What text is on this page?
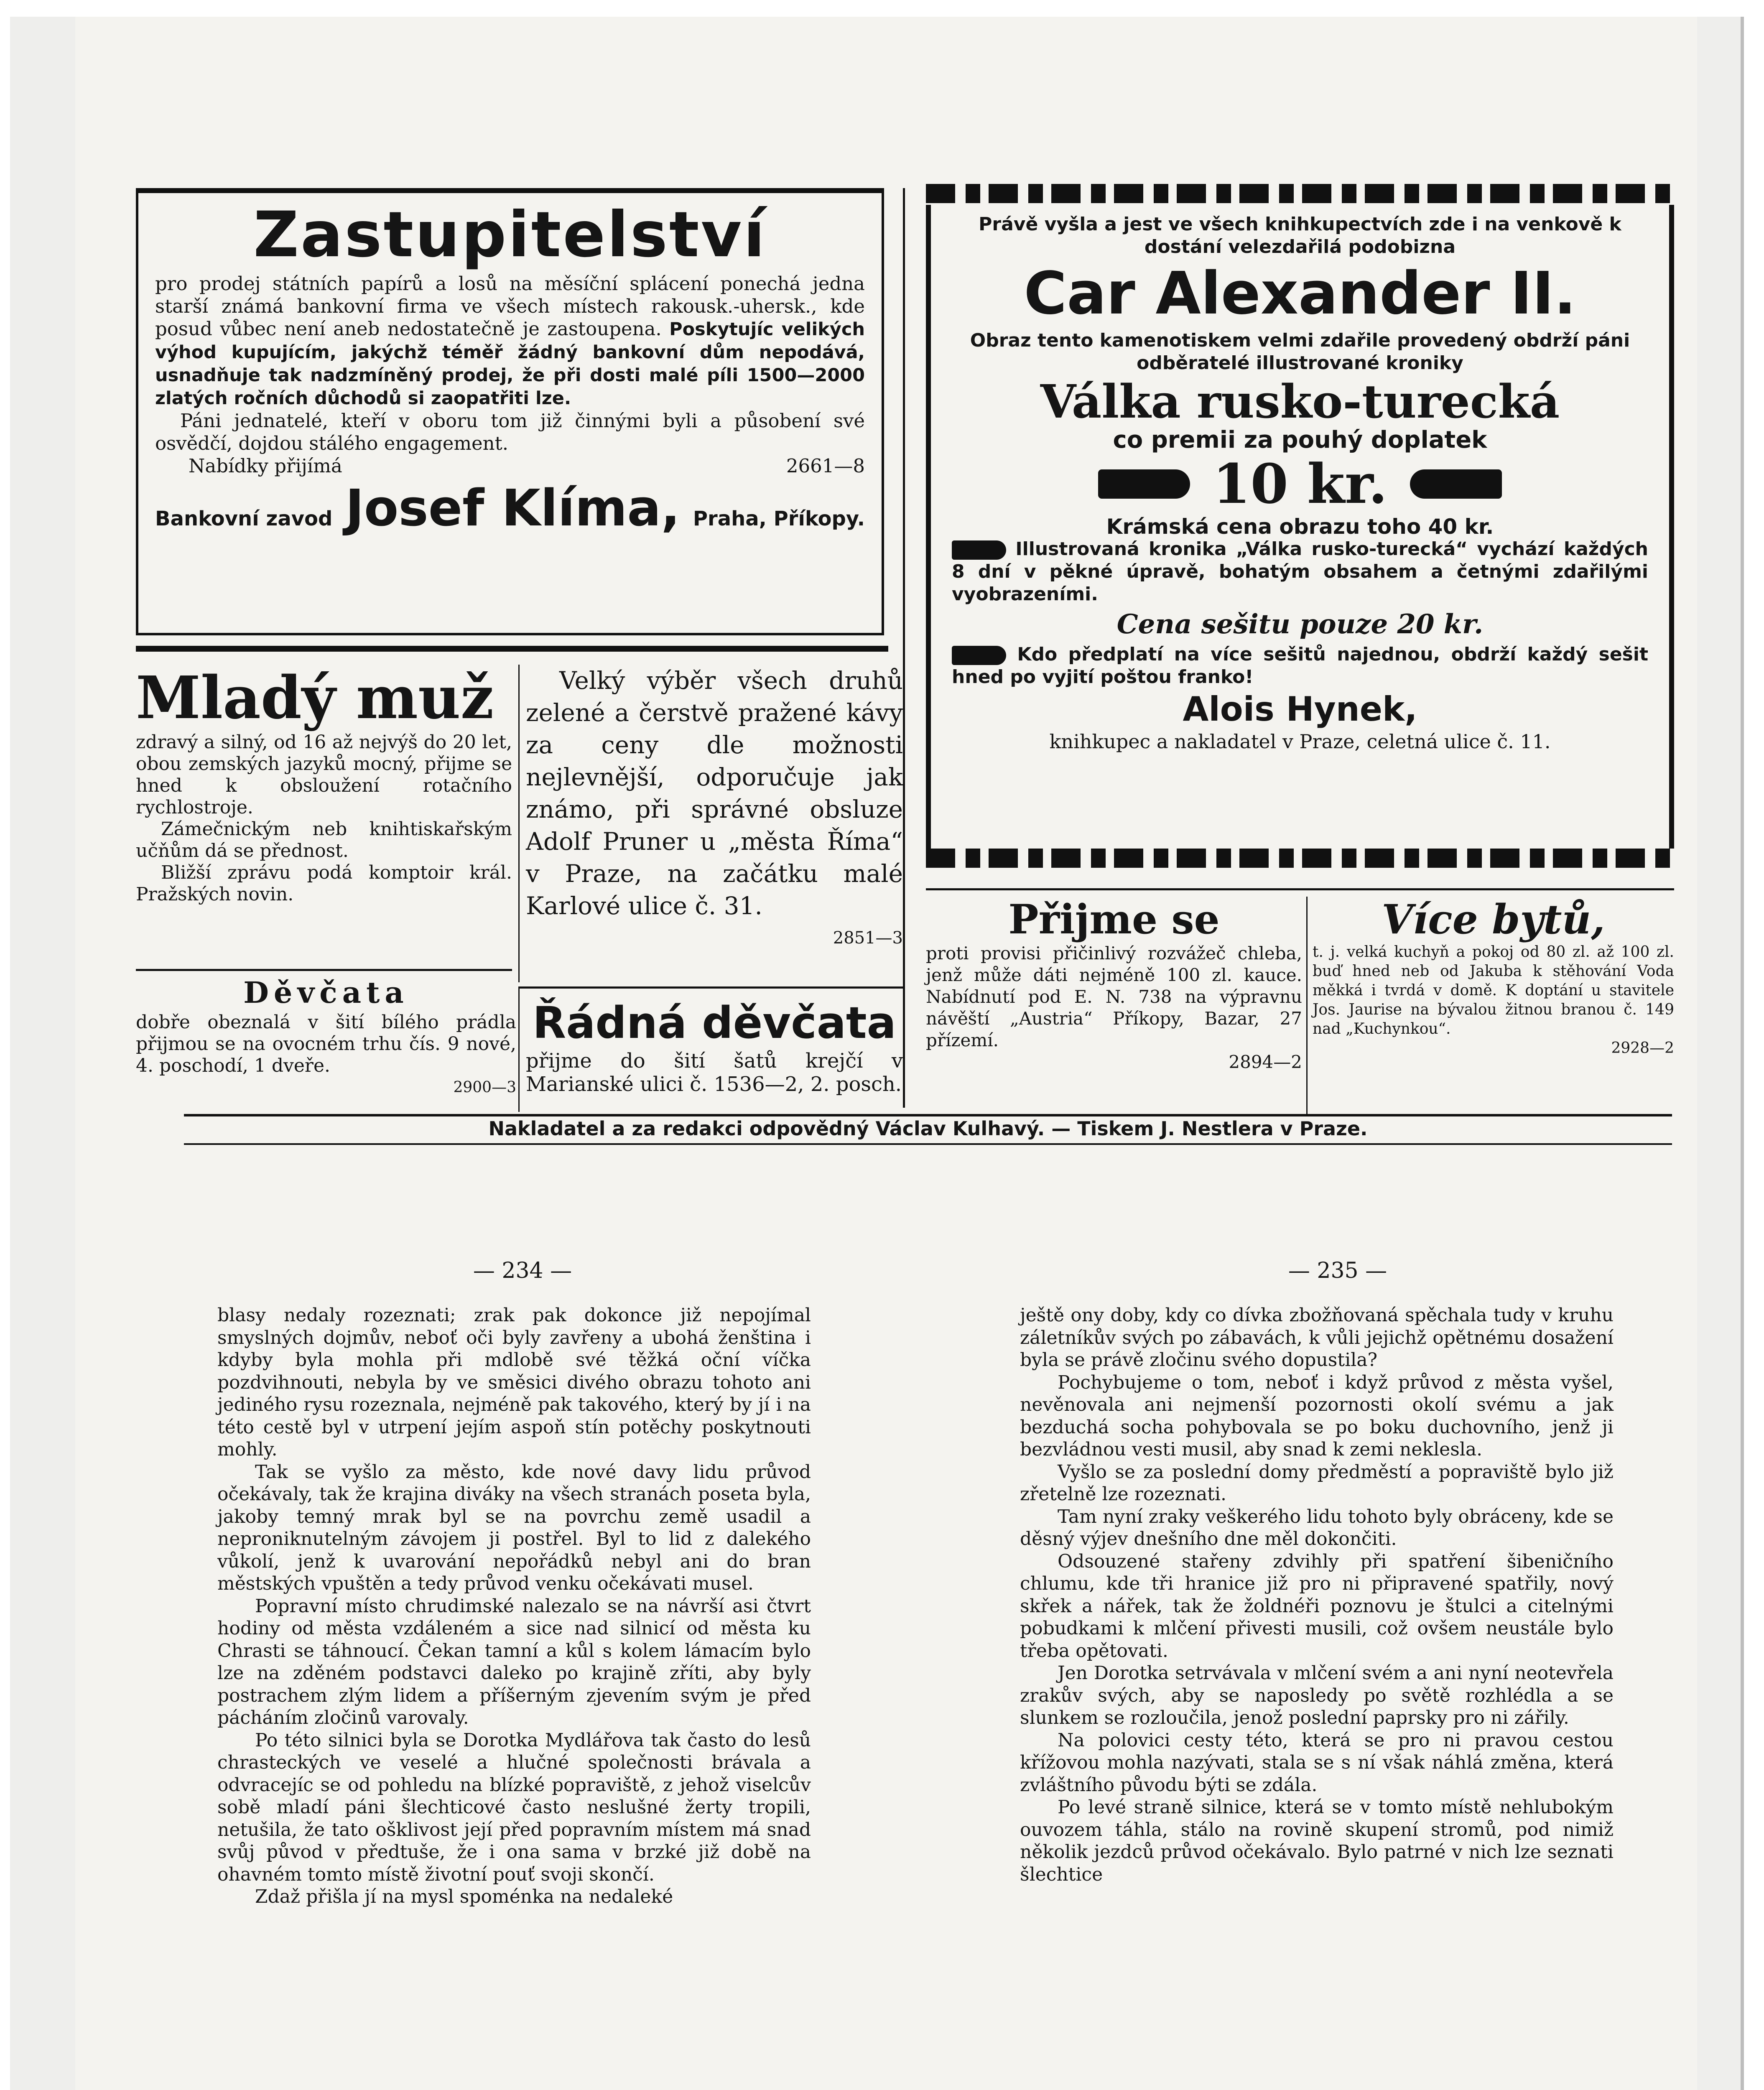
Zastupitelství
pro prodej státních papírů a losů na měsíční splácení ponechá jedna starší známá bankovní firma ve všech místech rakousk.-uhersk., kde posud vůbec není aneb nedostatečně je zastoupena. Poskytujíc velikých výhod kupujícím, jakýchž téměř žádný bankovní dům nepodává, usnadňuje tak nadzmíněný prodej, že při dosti malé píli 1500—2000 zlatých ročních důchodů si zaopatřiti lze.
Páni jednatelé, kteří v oboru tom již činnými byli a působení své osvědčí, dojdou stálého engagement.
Nabídky přijímá	2661—8
Bankovní zavod Josef Klíma, Praha, Příkopy.
Mladý muž
zdravý a silný, od 16 až nejvýš do 20 let, obou zemských jazyků mocný, přijme se hned k obsloužení rotačního rychlostroje.
Zámečnickým neb knihtiskařským učňům dá se přednost.
Bližší zprávu podá komptoir král. Pražských novin.
Velký výběr všech druhů zelené a čerstvě pražené kávy za ceny dle možnosti nejlevnější, odporučuje jak známo, při správné obsluze Adolf Pruner u „města Říma“ v Praze, na začátku malé Karlové ulice č. 31.
2851—3
Děvčata
dobře obeznalá v šití bílého prádla přijmou se na ovocném trhu čís. 9 nové, 4. poschodí, 1 dveře.
2900—3
Řádná děvčata
přijme do šití šatů krejčí v Marianské ulici č. 1536—2, 2. posch.
Právě vyšla a jest ve všech knihkupectvích zde i na venkově k dostání velezdařilá podobizna
Car Alexander II.
Obraz tento kamenotiskem velmi zdařile provedený obdrží páni odběratelé illustrované kroniky
Válka rusko-turecká
co premii za pouhý doplatek
10 kr.
Krámská cena obrazu toho 40 kr.
Illustrovaná kronika „Válka rusko-turecká“ vychází každých 8 dní v pěkné úpravě, bohatým obsahem a četnými zdařilými vyobrazeními.
Cena sešitu pouze 20 kr.
Kdo předplatí na více sešitů najednou, obdrží každý sešit hned po vyjití poštou franko!
Alois Hynek,
knihkupec a nakladatel v Praze, celetná ulice č. 11.
Přijme se
proti provisi přičinlivý rozvážeč chleba, jenž může dáti nejméně 100 zl. kauce. Nabídnutí pod E. N. 738 na výpravnu návěští „Austria“ Příkopy, Bazar, 27 přízemí.
2894—2
Více bytů,
t. j. velká kuchyň a pokoj od 80 zl. až 100 zl. buď hned neb od Jakuba k stěhování Voda měkká i tvrdá v domě. K doptání u stavitele Jos. Jaurise na bývalou žitnou branou č. 149 nad „Kuchynkou“.
2928—2
Nakladatel a za redakci odpovědný Václav Kulhavý. — Tiskem J. Nestlera v Praze.
— 234 —

blasy nedaly rozeznati; zrak pak dokonce již nepojímal smyslných dojmův, neboť oči byly zavřeny a ubohá ženština i kdyby byla mohla při mdlobě své těžká oční víčka pozdvihnouti, nebyla by ve směsici divého obrazu tohoto ani jediného rysu rozeznala, nejméně pak takového, který by jí i na této cestě byl v utrpení jejím aspoň stín potěchy poskytnouti mohly.

Tak se vyšlo za město, kde nové davy lidu průvod očekávaly, tak že krajina diváky na všech stranách poseta byla, jakoby temný mrak byl se na povrchu země usadil a neproniknutelným závojem ji postřel. Byl to lid z dalekého vůkolí, jenž k uvarování nepořádků nebyl ani do bran městských vpuštěn a tedy průvod venku očekávati musel.

Popravní místo chrudimské nalezalo se na návrší asi čtvrt hodiny od města vzdáleném a sice nad silnicí od města ku Chrasti se táhnoucí. Čekan tamní a kůl s kolem lámacím bylo lze na zděném podstavci daleko po krajině zříti, aby byly postrachem zlým lidem a příšerným zjevením svým je před pácháním zločinů varovaly.

Po této silnici byla se Dorotka Mydlářova tak často do lesů chrasteckých ve veselé a hlučné společnosti brávala a odvracejíc se od pohledu na blízké popraviště, z jehož viselcův sobě mladí páni šlechticové často neslušné žerty tropili, netušila, že tato ošklivost její před popravním místem má snad svůj původ v předtuše, že i ona sama v brzké již době na ohavném tomto místě životní pouť svoji skončí.

Zdaž přišla jí na mysl spoménka na nedaleké

— 235 —

ještě ony doby, kdy co dívka zbožňovaná spěchala tudy v kruhu záletníkův svých po zábavách, k vůli jejichž opětnému dosažení byla se právě zločinu svého dopustila?

Pochybujeme o tom, neboť i když průvod z města vyšel, nevěnovala ani nejmenší pozornosti okolí svému a jak bezduchá socha pohybovala se po boku duchovního, jenž ji bezvládnou vesti musil, aby snad k zemi neklesla.

Vyšlo se za poslední domy předměstí a popraviště bylo již zřetelně lze rozeznati.

Tam nyní zraky veškerého lidu tohoto byly obráceny, kde se děsný výjev dnešního dne měl dokončiti.

Odsouzené stařeny zdvihly při spatření šibeničního chlumu, kde tři hranice již pro ni připravené spatřily, nový skřek a nářek, tak že žoldnéři poznovu je štulci a citelnými pobudkami k mlčení přivesti musili, což ovšem neustále bylo třeba opětovati.

Jen Dorotka setrvávala v mlčení svém a ani nyní neotevřela zrakův svých, aby se naposledy po světě rozhlédla a se slunkem se rozloučila, jenož poslední paprsky pro ni zářily.

Na polovici cesty této, která se pro ni pravou cestou křížovou mohla nazývati, stala se s ní však náhlá změna, která zvláštního původu býti se zdála.

Po levé straně silnice, která se v tomto místě nehlubokým ouvozem táhla, stálo na rovině skupení stromů, pod nimiž několik jezdců průvod očekávalo. Bylo patrné v nich lze seznati šlechtice
